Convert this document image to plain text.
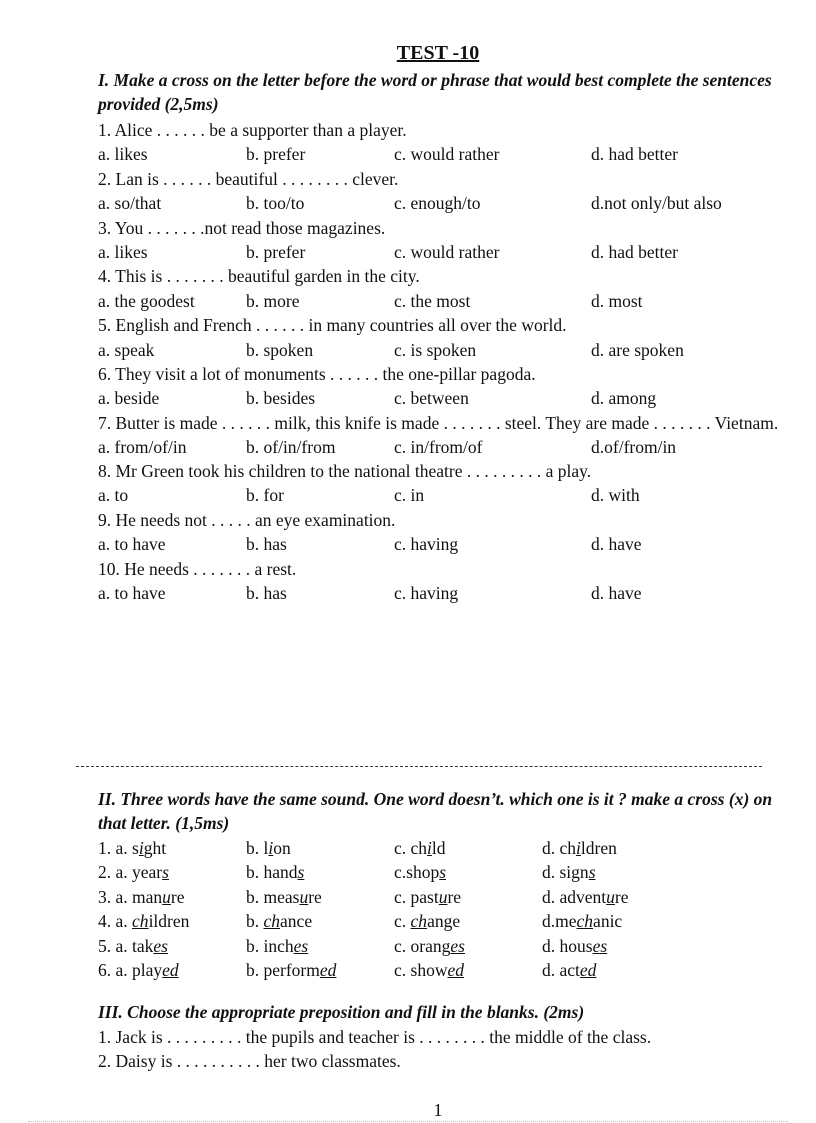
TEST -10
I. Make a cross on the letter before the word or phrase that would best complete the sentences provided (2,5ms)
1. Alice . . . . . . be a supporter than a player.
a. likes	b. prefer	c. would rather	d. had better
2. Lan is . . . . . . beautiful . . . . . . . . clever.
a. so/that	b. too/to	c. enough/to	d.not only/but also
3. You . . . . . . .not read those magazines.
a. likes	b. prefer	c. would rather	d. had better
4. This is . . . . . . . beautiful garden in the city.
a. the goodest	b. more	c. the most	d. most
5. English and French . . . . . . in many countries all over the world.
a. speak	b. spoken	c. is spoken	d. are spoken
6. They visit a lot of monuments . . . . . . the one-pillar pagoda.
a. beside	b. besides	c. between	d. among
7. Butter is made . . . . . . milk, this knife is made . . . . . . . steel. They are made . . . . . . . Vietnam.
a. from/of/in	b. of/in/from	c. in/from/of	d.of/from/in
8. Mr Green took his children to the national theatre . . . . . . . . . a play.
a. to	b. for	c. in	d. with
9. He needs not . . . . . an eye examination.
a. to have	b. has	c. having	d. have
10. He needs . . . . . . . a rest.
a. to have	b. has	c. having	d. have
II. Three words have the same sound. One word doesn’t. which one is it ? make a cross (x) on that letter. (1,5ms)
1. a. sight	b. lion	c. child	d. children
2. a. years	b. hands	c.shops	d. signs
3. a. manure	b. measure	c. pasture	d. adventure
4. a. children	b. chance	c. change	d.mechanic
5. a. takes	b. inches	c. oranges	d. houses
6. a. played	b. performed	c. showed	d. acted
III. Choose the appropriate preposition and fill in the blanks. (2ms)
1. Jack is . . . . . . . . . the pupils and teacher is . . . . . . . . the middle of the class.
2. Daisy is . . . . . . . . . . her two classmates.
1
